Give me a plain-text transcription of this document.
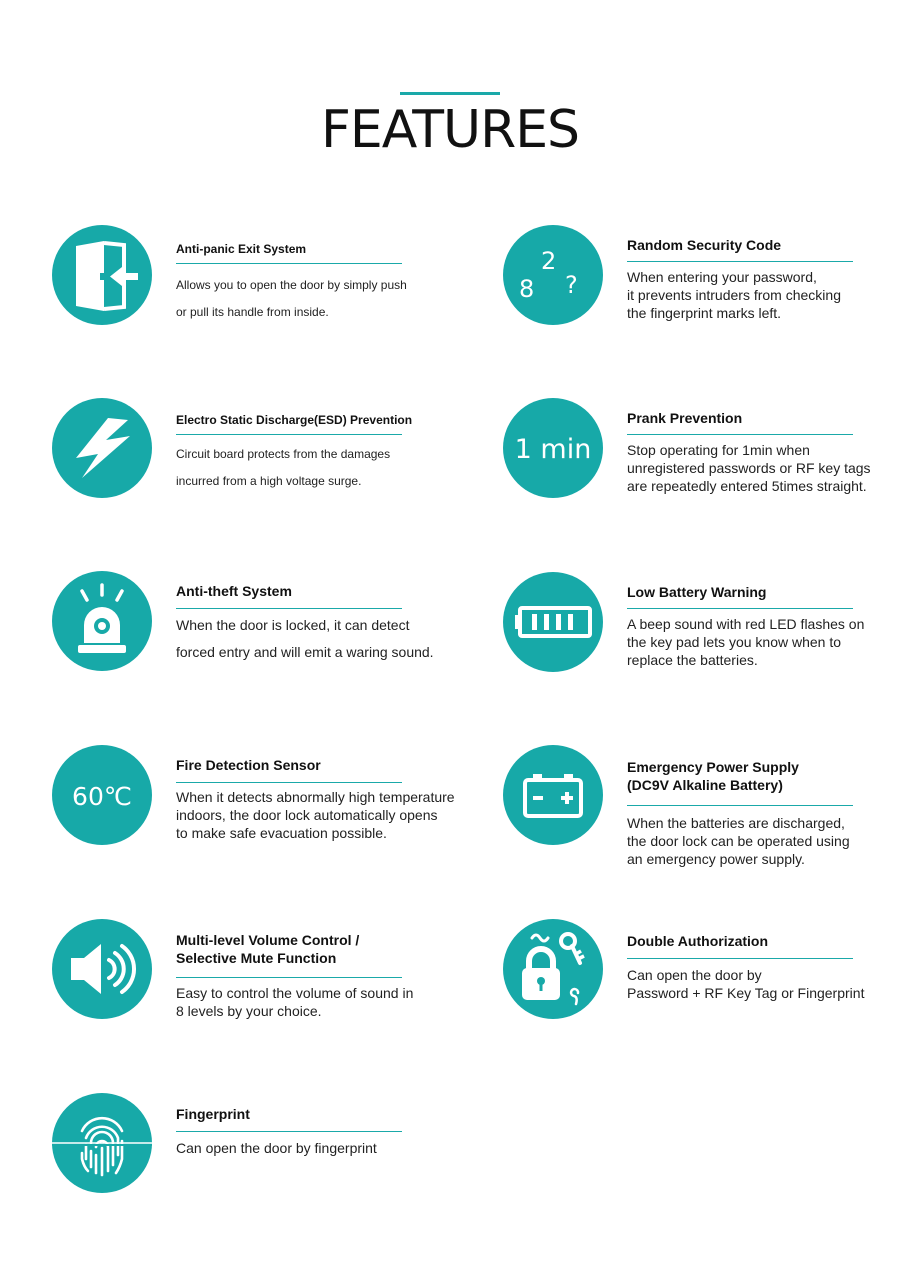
FEATURES
Anti-panic Exit System
Allows you to open the door by simply push
or pull its handle from inside.
8
2
?
Random Security Code
When entering your password,
it prevents intruders from checking
the fingerprint marks left.
Electro Static Discharge(ESD) Prevention
Circuit board protects from the damages
incurred from a high voltage surge.
1 min
Prank Prevention
Stop operating for 1min when
unregistered passwords or RF key tags
are repeatedly entered 5times straight.
Anti-theft System
When the door is locked, it can detect
forced entry and will emit a waring sound.
Low Battery Warning
A beep sound with red LED flashes on
the key pad lets you know when to
replace the batteries.
60℃
Fire Detection Sensor
When it detects abnormally high temperature
indoors, the door lock automatically opens
to make safe evacuation possible.
Emergency Power Supply
(DC9V Alkaline Battery)
When the batteries are discharged,
the door lock can be operated using
an emergency power supply.
Multi-level Volume Control /
Selective Mute Function
Easy to control the volume of sound in
8 levels by your choice.
Double Authorization
Can open the door by
Password + RF Key Tag or Fingerprint
Fingerprint
Can open the door by fingerprint
